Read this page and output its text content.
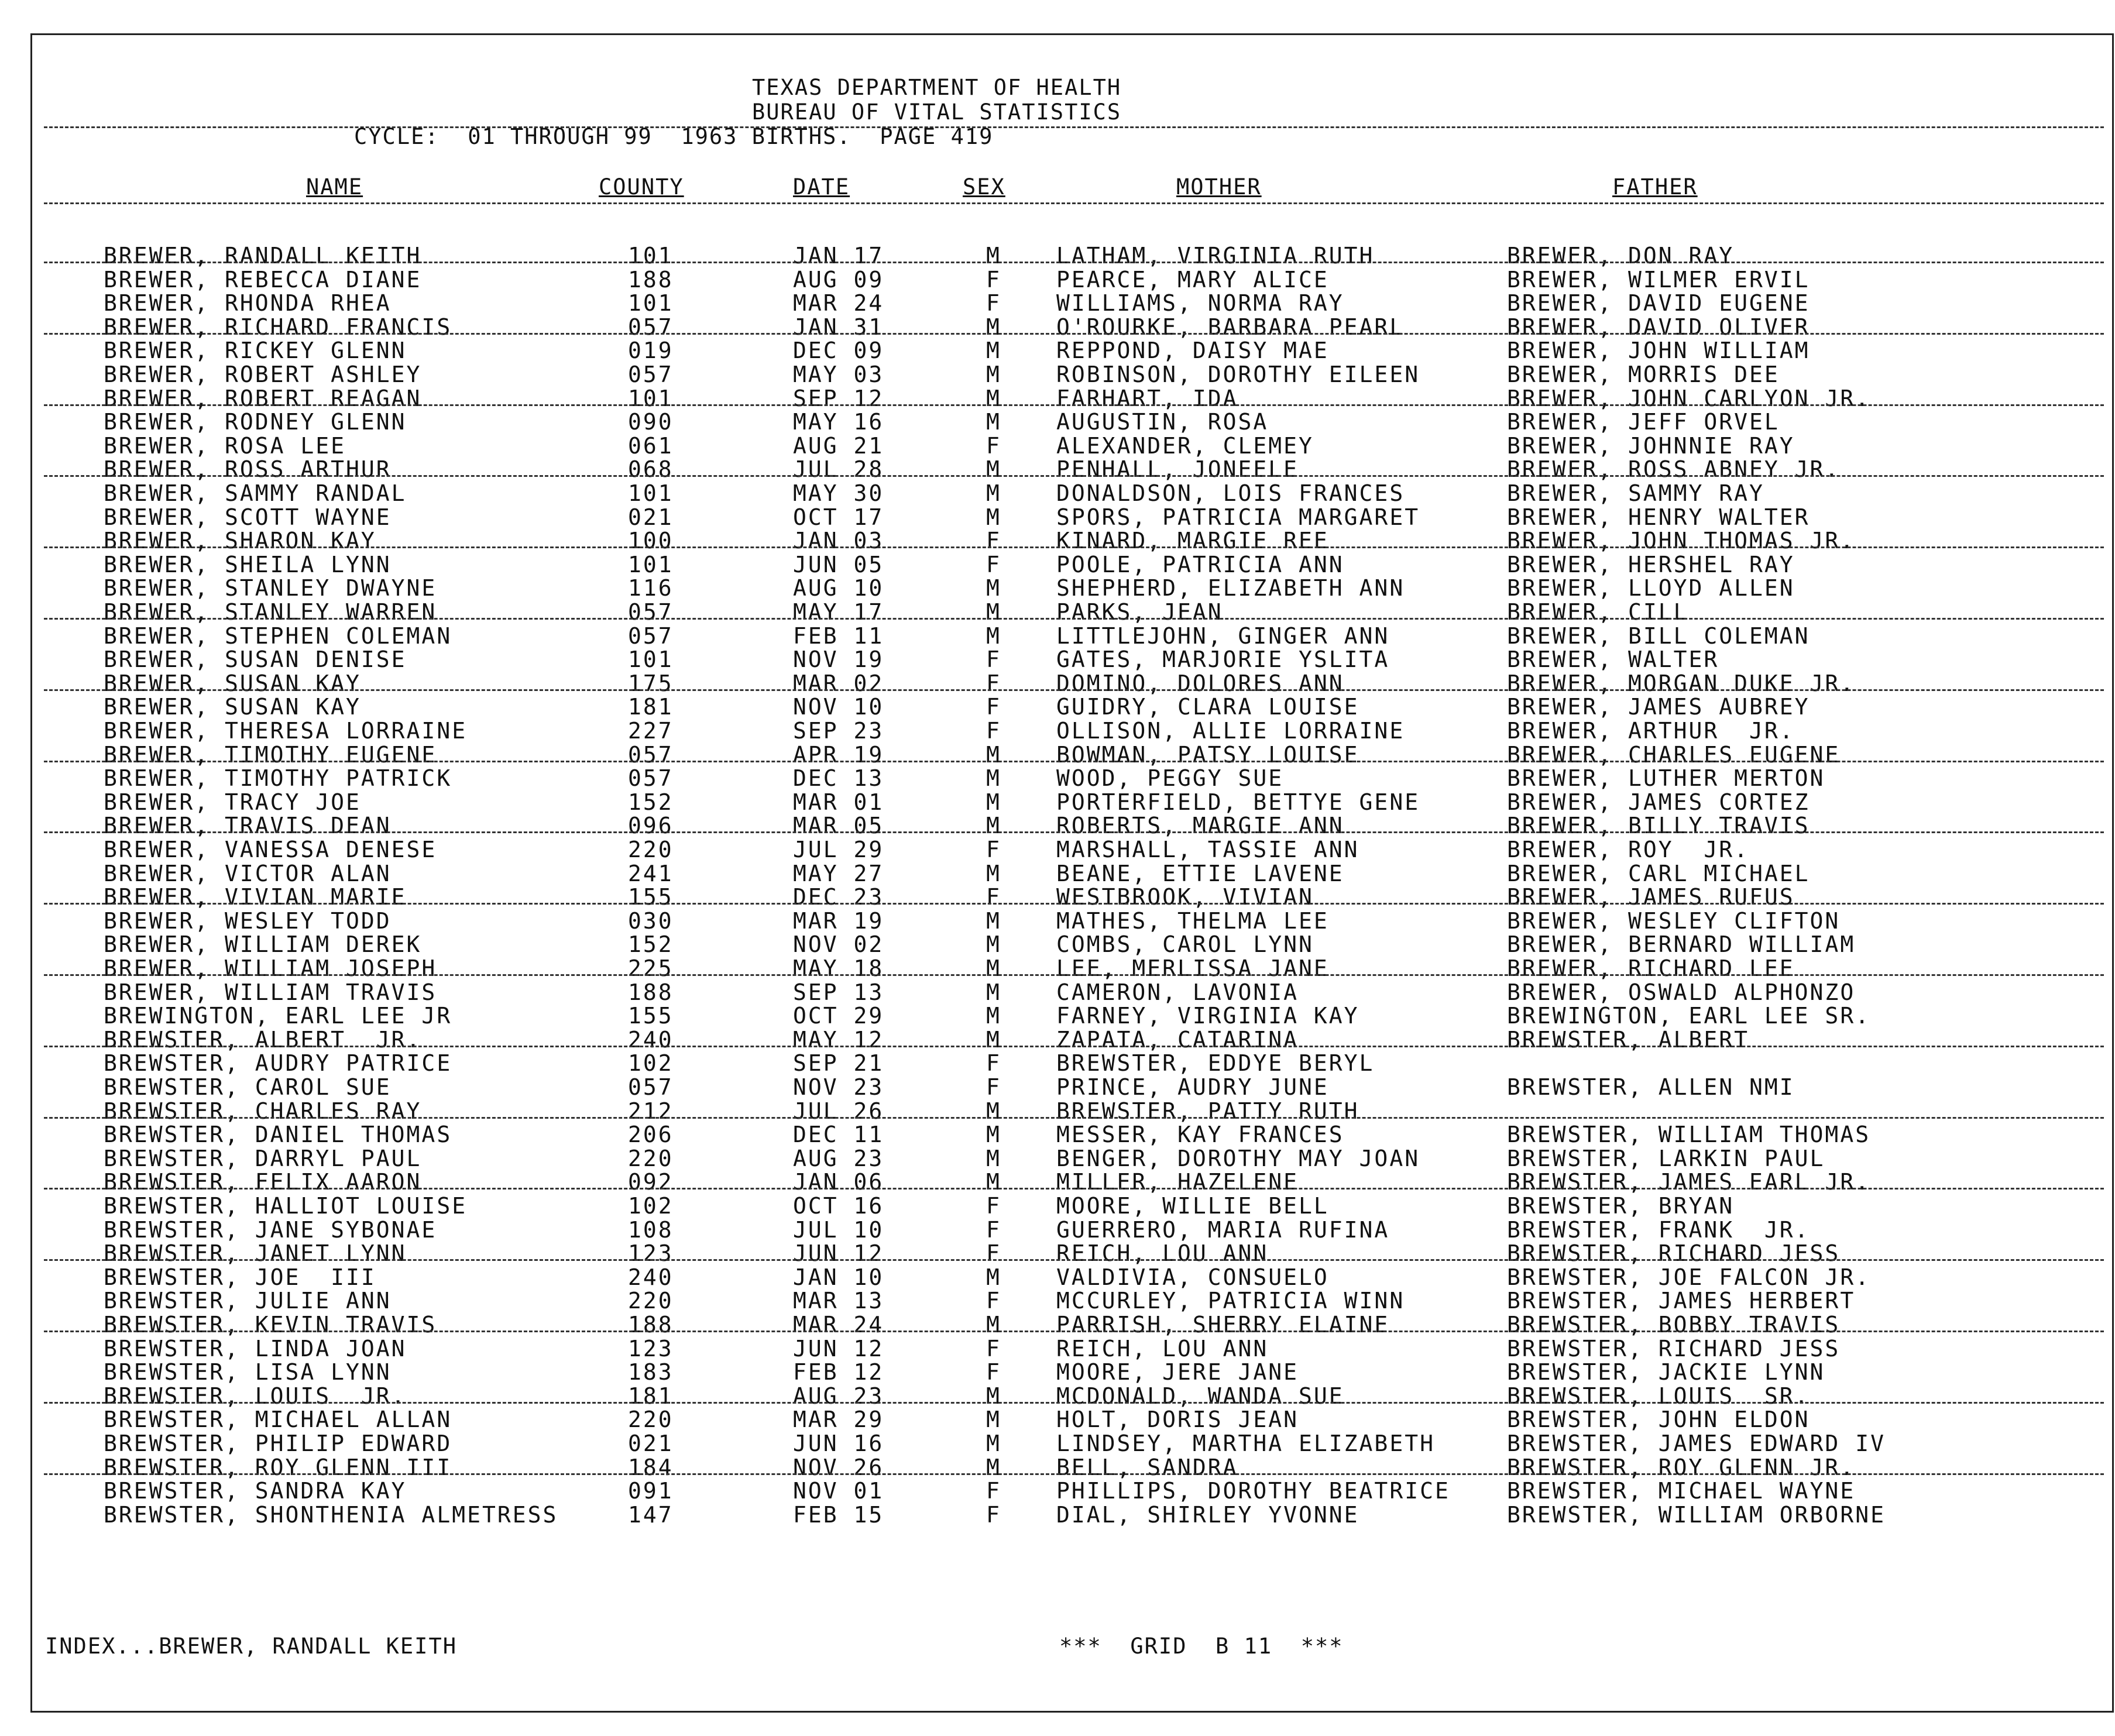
TEXAS DEPARTMENT OF HEALTH
BUREAU OF VITAL STATISTICS
CYCLE:  01 THROUGH 99  1963 BIRTHS.  PAGE 419
NAME	COUNTY	DATE	SEX	MOTHER	FATHER
BREWER, RANDALL KEITH	101	JAN 17	M LATHAM, VIRGINIA RUTH	BREWER, DON RAY
BREWER, REBECCA DIANE	188	AUG 09	F PEARCE, MARY ALICE	BREWER, WILMER ERVIL
BREWER, RHONDA RHEA	101	MAR 24	F WILLIAMS, NORMA RAY	BREWER, DAVID EUGENE
BREWER, RICHARD FRANCIS	057	JAN 31	M O'ROURKE, BARBARA PEARL	BREWER, DAVID OLIVER
BREWER, RICKEY GLENN	019	DEC 09	M REPPOND, DAISY MAE	BREWER, JOHN WILLIAM
BREWER, ROBERT ASHLEY	057	MAY 03	M ROBINSON, DOROTHY EILEEN	BREWER, MORRIS DEE
BREWER, ROBERT REAGAN	101	SEP 12	M FARHART, IDA	BREWER, JOHN CARLYON JR.
BREWER, RODNEY GLENN	090	MAY 16	M AUGUSTIN, ROSA	BREWER, JEFF ORVEL
BREWER, ROSA LEE	061	AUG 21	F ALEXANDER, CLEMEY	BREWER, JOHNNIE RAY
BREWER, ROSS ARTHUR	068	JUL 28	M PENHALL, JONEELE	BREWER, ROSS ABNEY JR.
BREWER, SAMMY RANDAL	101	MAY 30	M DONALDSON, LOIS FRANCES	BREWER, SAMMY RAY
BREWER, SCOTT WAYNE	021	OCT 17	M SPORS, PATRICIA MARGARET	BREWER, HENRY WALTER
BREWER, SHARON KAY	100	JAN 03	F KINARD, MARGIE REE	BREWER, JOHN THOMAS JR.
BREWER, SHEILA LYNN	101	JUN 05	F POOLE, PATRICIA ANN	BREWER, HERSHEL RAY
BREWER, STANLEY DWAYNE	116	AUG 10	M SHEPHERD, ELIZABETH ANN	BREWER, LLOYD ALLEN
BREWER, STANLEY WARREN	057	MAY 17	M PARKS, JEAN	BREWER, CILL
BREWER, STEPHEN COLEMAN	057	FEB 11	M LITTLEJOHN, GINGER ANN	BREWER, BILL COLEMAN
BREWER, SUSAN DENISE	101	NOV 19	F GATES, MARJORIE YSLITA	BREWER, WALTER
BREWER, SUSAN KAY	175	MAR 02	F DOMINO, DOLORES ANN	BREWER, MORGAN DUKE JR.
BREWER, SUSAN KAY	181	NOV 10	F GUIDRY, CLARA LOUISE	BREWER, JAMES AUBREY
BREWER, THERESA LORRAINE	227	SEP 23	F OLLISON, ALLIE LORRAINE	BREWER, ARTHUR  JR.
BREWER, TIMOTHY EUGENE	057	APR 19	M BOWMAN, PATSY LOUISE	BREWER, CHARLES EUGENE
BREWER, TIMOTHY PATRICK	057	DEC 13	M WOOD, PEGGY SUE	BREWER, LUTHER MERTON
BREWER, TRACY JOE	152	MAR 01	M PORTERFIELD, BETTYE GENE	BREWER, JAMES CORTEZ
BREWER, TRAVIS DEAN	096	MAR 05	M ROBERTS, MARGIE ANN	BREWER, BILLY TRAVIS
BREWER, VANESSA DENESE	220	JUL 29	F MARSHALL, TASSIE ANN	BREWER, ROY  JR.
BREWER, VICTOR ALAN	241	MAY 27	M BEANE, ETTIE LAVENE	BREWER, CARL MICHAEL
BREWER, VIVIAN MARIE	155	DEC 23	F WESTBROOK, VIVIAN	BREWER, JAMES RUFUS
BREWER, WESLEY TODD	030	MAR 19	M MATHES, THELMA LEE	BREWER, WESLEY CLIFTON
BREWER, WILLIAM DEREK	152	NOV 02	M COMBS, CAROL LYNN	BREWER, BERNARD WILLIAM
BREWER, WILLIAM JOSEPH	225	MAY 18	M LEE, MERLISSA JANE	BREWER, RICHARD LEE
BREWER, WILLIAM TRAVIS	188	SEP 13	M CAMERON, LAVONIA	BREWER, OSWALD ALPHONZO
BREWINGTON, EARL LEE JR	155	OCT 29	M FARNEY, VIRGINIA KAY	BREWINGTON, EARL LEE SR.
BREWSTER, ALBERT  JR.	240	MAY 12	M ZAPATA, CATARINA	BREWSTER, ALBERT
BREWSTER, AUDRY PATRICE	102	SEP 21	F BREWSTER, EDDYE BERYL
BREWSTER, CAROL SUE	057	NOV 23	F PRINCE, AUDRY JUNE	BREWSTER, ALLEN NMI
BREWSTER, CHARLES RAY	212	JUL 26	M BREWSTER, PATTY RUTH
BREWSTER, DANIEL THOMAS	206	DEC 11	M MESSER, KAY FRANCES	BREWSTER, WILLIAM THOMAS
BREWSTER, DARRYL PAUL	220	AUG 23	M BENGER, DOROTHY MAY JOAN	BREWSTER, LARKIN PAUL
BREWSTER, FELIX AARON	092	JAN 06	M MILLER, HAZELENE	BREWSTER, JAMES EARL JR.
BREWSTER, HALLIOT LOUISE	102	OCT 16	F MOORE, WILLIE BELL	BREWSTER, BRYAN
BREWSTER, JANE SYBONAE	108	JUL 10	F GUERRERO, MARIA RUFINA	BREWSTER, FRANK  JR.
BREWSTER, JANET LYNN	123	JUN 12	F REICH, LOU ANN	BREWSTER, RICHARD JESS
BREWSTER, JOE  III	240	JAN 10	M VALDIVIA, CONSUELO	BREWSTER, JOE FALCON JR.
BREWSTER, JULIE ANN	220	MAR 13	F MCCURLEY, PATRICIA WINN	BREWSTER, JAMES HERBERT
BREWSTER, KEVIN TRAVIS	188	MAR 24	M PARRISH, SHERRY ELAINE	BREWSTER, BOBBY TRAVIS
BREWSTER, LINDA JOAN	123	JUN 12	F REICH, LOU ANN	BREWSTER, RICHARD JESS
BREWSTER, LISA LYNN	183	FEB 12	F MOORE, JERE JANE	BREWSTER, JACKIE LYNN
BREWSTER, LOUIS  JR.	181	AUG 23	M MCDONALD, WANDA SUE	BREWSTER, LOUIS  SR.
BREWSTER, MICHAEL ALLAN	220	MAR 29	M HOLT, DORIS JEAN	BREWSTER, JOHN ELDON
BREWSTER, PHILIP EDWARD	021	JUN 16	M LINDSEY, MARTHA ELIZABETH	BREWSTER, JAMES EDWARD IV
BREWSTER, ROY GLENN III	184	NOV 26	M BELL, SANDRA	BREWSTER, ROY GLENN JR.
BREWSTER, SANDRA KAY	091	NOV 01	F PHILLIPS, DOROTHY BEATRICE	BREWSTER, MICHAEL WAYNE
BREWSTER, SHONTHENIA ALMETRESS	147	FEB 15	F DIAL, SHIRLEY YVONNE	BREWSTER, WILLIAM ORBORNE
INDEX...BREWER, RANDALL KEITH	***  GRID  B 11  ***
